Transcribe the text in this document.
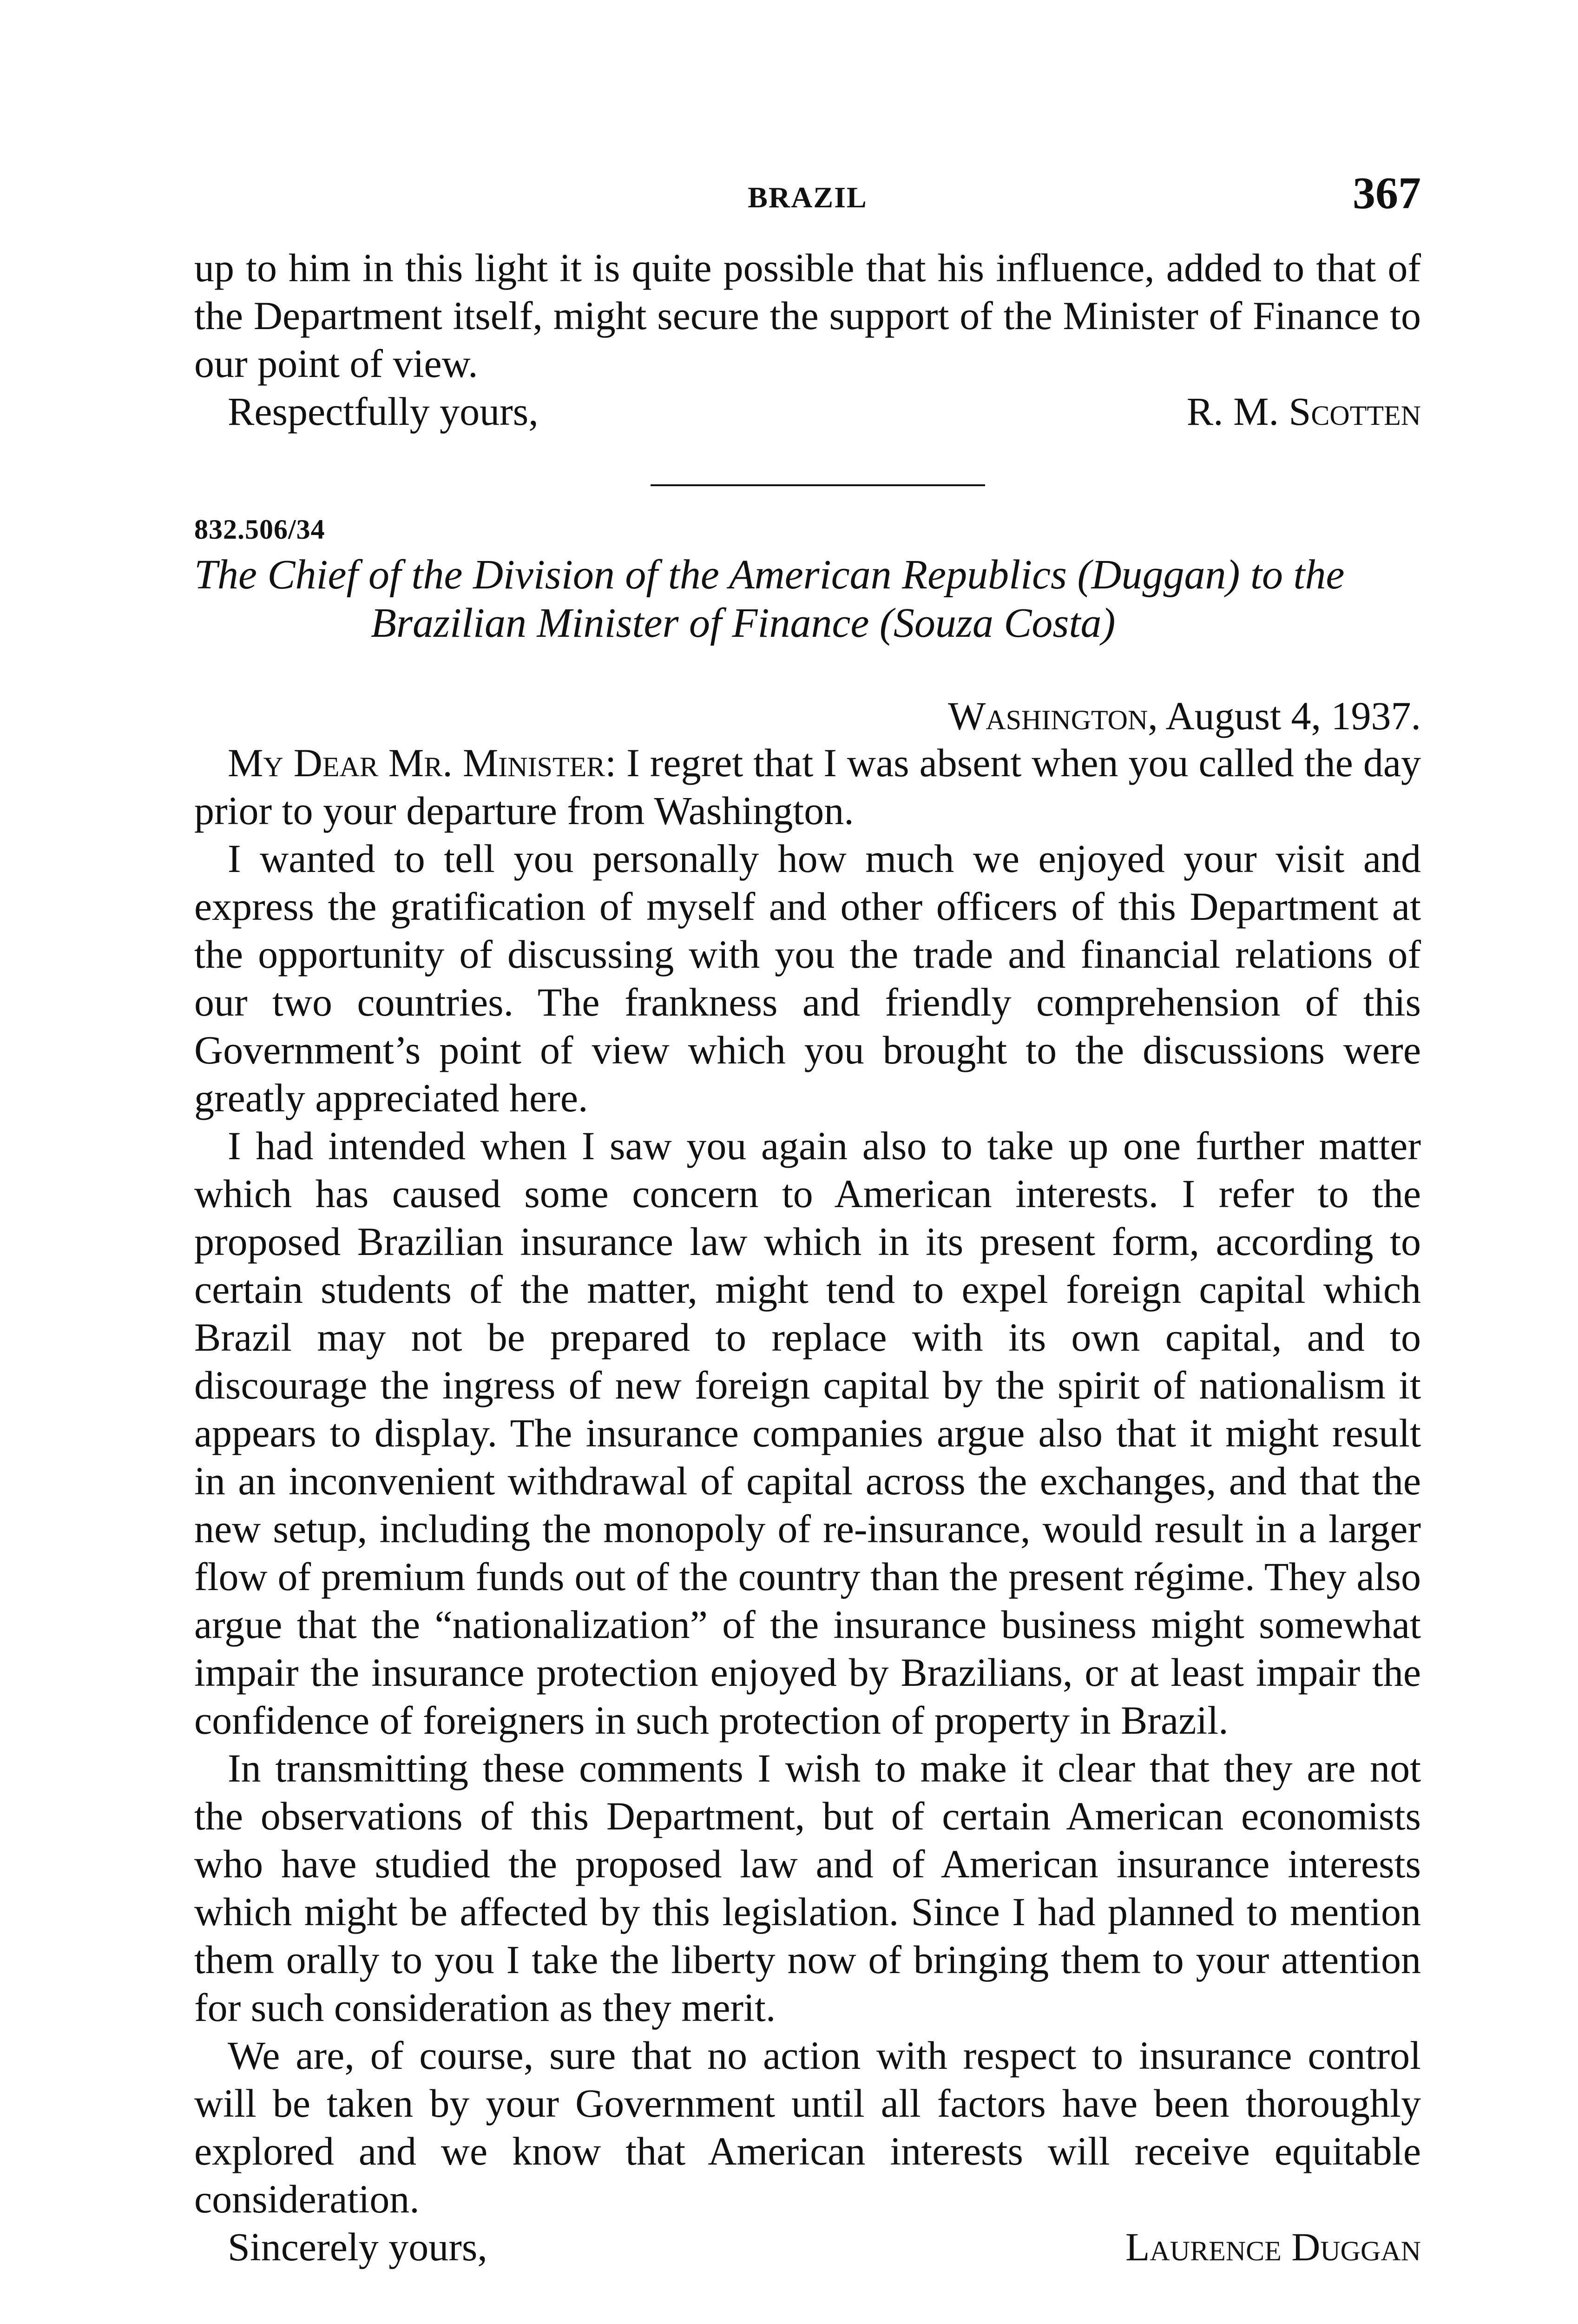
BRAZIL	367

up to him in this light it is quite possible that his influence, added to that of the Department itself, might secure the support of the Minister of Finance to our point of view.

Respectfully yours,	R. M. Scotten
832.506/34
The Chief of the Division of the American Republics (Duggan) to the
Brazilian Minister of Finance (Souza Costa)
Washington, August 4, 1937.

My Dear Mr. Minister: I regret that I was absent when you called the day prior to your departure from Washington.

I wanted to tell you personally how much we enjoyed your visit and express the gratification of myself and other officers of this Department at the opportunity of discussing with you the trade and financial relations of our two countries. The frankness and friendly comprehension of this Government’s point of view which you brought to the discussions were greatly appreciated here.

I had intended when I saw you again also to take up one further matter which has caused some concern to American interests. I refer to the proposed Brazilian insurance law which in its present form, according to certain students of the matter, might tend to expel foreign capital which Brazil may not be prepared to replace with its own capital, and to discourage the ingress of new foreign capital by the spirit of nationalism it appears to display. The insurance companies argue also that it might result in an inconvenient withdrawal of capital across the exchanges, and that the new setup, including the monopoly of re-insurance, would result in a larger flow of premium funds out of the country than the present régime. They also argue that the “nationalization” of the insurance business might somewhat impair the insurance protection enjoyed by Brazilians, or at least impair the confidence of foreigners in such protection of property in Brazil.

In transmitting these comments I wish to make it clear that they are not the observations of this Department, but of certain American economists who have studied the proposed law and of American insurance interests which might be affected by this legislation. Since I had planned to mention them orally to you I take the liberty now of bringing them to your attention for such consideration as they merit.

We are, of course, sure that no action with respect to insurance control will be taken by your Government until all factors have been thoroughly explored and we know that American interests will receive equitable consideration.

Sincerely yours,	Laurence Duggan
